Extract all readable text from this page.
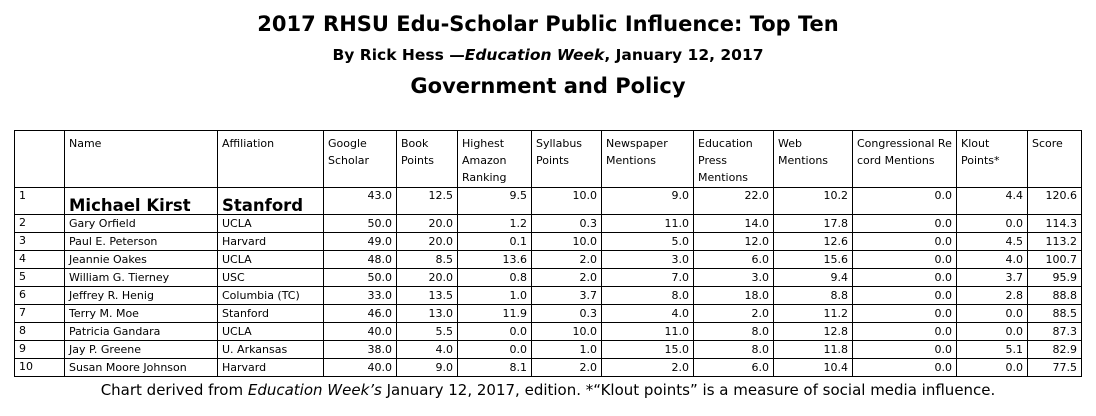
2017 RHSU Edu-Scholar Public Influence: Top Ten
By Rick Hess —Education Week, January 12, 2017
Government and Policy
	Name	Affiliation	Google Scholar	Book Points	Highest Amazon Ranking	Syllabus Points	Newspaper Mentions	Education Press Mentions	Web Mentions	Congressional Record Mentions	Klout Points*	Score
1	Michael Kirst	Stanford	43.0	12.5	9.5	10.0	9.0	22.0	10.2	0.0	4.4	120.6
2	Gary Orfield	UCLA	50.0	20.0	1.2	0.3	11.0	14.0	17.8	0.0	0.0	114.3
3	Paul E. Peterson	Harvard	49.0	20.0	0.1	10.0	5.0	12.0	12.6	0.0	4.5	113.2
4	Jeannie Oakes	UCLA	48.0	8.5	13.6	2.0	3.0	6.0	15.6	0.0	4.0	100.7
5	William G. Tierney	USC	50.0	20.0	0.8	2.0	7.0	3.0	9.4	0.0	3.7	95.9
6	Jeffrey R. Henig	Columbia (TC)	33.0	13.5	1.0	3.7	8.0	18.0	8.8	0.0	2.8	88.8
7	Terry M. Moe	Stanford	46.0	13.0	11.9	0.3	4.0	2.0	11.2	0.0	0.0	88.5
8	Patricia Gandara	UCLA	40.0	5.5	0.0	10.0	11.0	8.0	12.8	0.0	0.0	87.3
9	Jay P. Greene	U. Arkansas	38.0	4.0	0.0	1.0	15.0	8.0	11.8	0.0	5.1	82.9
10	Susan Moore Johnson	Harvard	40.0	9.0	8.1	2.0	2.0	6.0	10.4	0.0	0.0	77.5
Chart derived from Education Week’s January 12, 2017, edition. *“Klout points” is a measure of social media influence.
